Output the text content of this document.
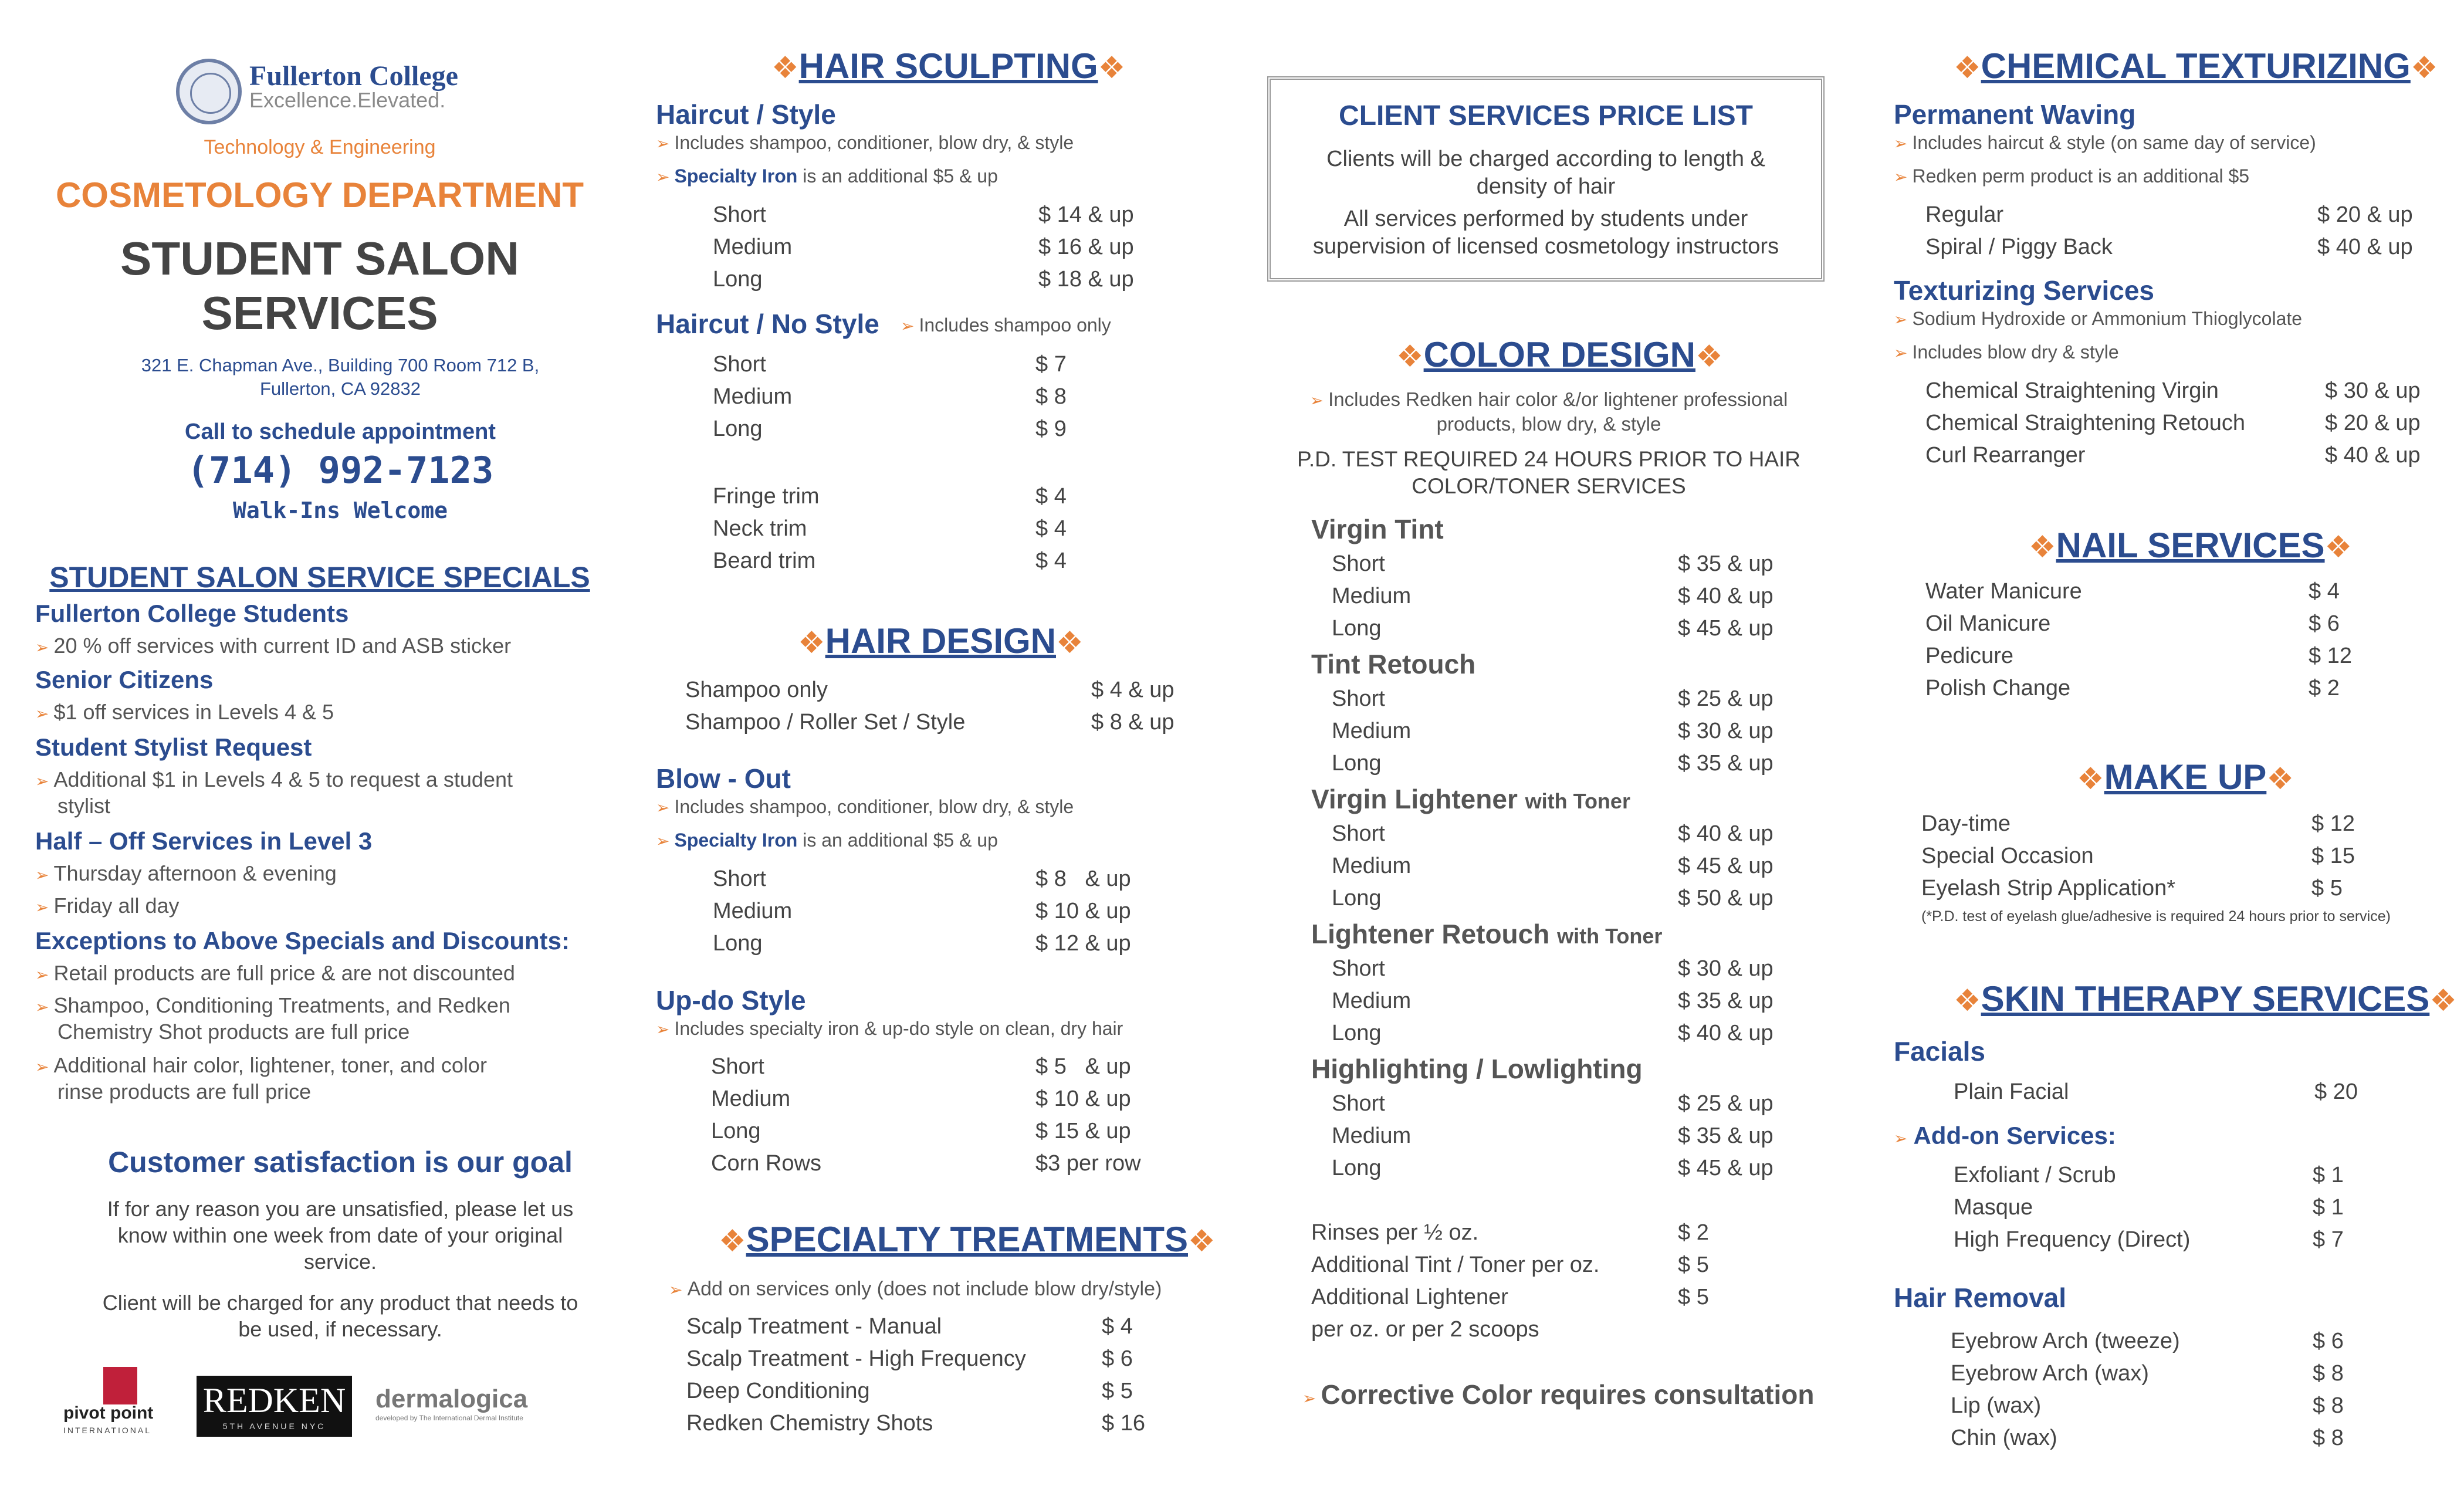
Fullerton College
Excellence.Elevated.
Technology & Engineering
COSMETOLOGY DEPARTMENT
STUDENT SALON
SERVICES
321 E. Chapman Ave., Building 700 Room 712 B,
Fullerton, CA 92832
Call to schedule appointment
(714) 992-7123
Walk-Ins Welcome
STUDENT SALON SERVICE SPECIALS
Fullerton College Students
➢ 20 % off services with current ID and ASB sticker
Senior Citizens
➢ $1 off services in Levels 4 & 5
Student Stylist Request
➢ Additional $1 in Levels 4 & 5 to request a student
stylist
Half – Off Services in Level 3
➢ Thursday afternoon & evening
➢ Friday all day
Exceptions to Above Specials and Discounts:
➢ Retail products are full price & are not discounted
➢ Shampoo, Conditioning Treatments, and Redken
Chemistry Shot products are full price
➢ Additional hair color, lightener, toner, and color
rinse products are full price
Customer satisfaction is our goal
If for any reason you are unsatisfied, please let us
know within one week from date of your original
service.
Client will be charged for any product that needs to
be used, if necessary.
pivot point
INTERNATIONAL
REDKEN
5TH AVENUE NYC
dermalogica
developed by The International Dermal Institute
❖HAIR SCULPTING❖
Haircut / Style
➢ Includes shampoo, conditioner, blow dry, & style
➢ Specialty Iron is an additional $5 & up
Short	$ 14 & up
Medium	$ 16 & up
Long	$ 18 & up
Haircut / No Style ➢ Includes shampoo only
Short	$ 7
Medium	$ 8
Long	$ 9
Fringe trim	$ 4
Neck trim	$ 4
Beard trim	$ 4
❖HAIR DESIGN❖
Shampoo only	$ 4 & up
Shampoo / Roller Set / Style	$ 8 & up
Blow - Out
➢ Includes shampoo, conditioner, blow dry, & style
➢ Specialty Iron is an additional $5 & up
Short	$ 8   & up
Medium	$ 10 & up
Long	$ 12 & up
Up-do Style
➢ Includes specialty iron & up-do style on clean, dry hair
Short	$ 5   & up
Medium	$ 10 & up
Long	$ 15 & up
Corn Rows	$3 per row
❖SPECIALTY TREATMENTS❖
➢ Add on services only (does not include blow dry/style)
Scalp Treatment - Manual	$ 4
Scalp Treatment - High Frequency	$ 6
Deep Conditioning	$ 5
Redken Chemistry Shots	$ 16
CLIENT SERVICES PRICE LIST
Clients will be charged according to length &
density of hair
All services performed by students under
supervision of licensed cosmetology instructors
❖COLOR DESIGN❖
➢ Includes Redken hair color &/or lightener professional
products, blow dry, & style
P.D. TEST REQUIRED 24 HOURS PRIOR TO HAIR
COLOR/TONER SERVICES
Virgin Tint
Short	$ 35 & up
Medium	$ 40 & up
Long	$ 45 & up
Tint Retouch
Short	$ 25 & up
Medium	$ 30 & up
Long	$ 35 & up
Virgin Lightener with Toner
Short	$ 40 & up
Medium	$ 45 & up
Long	$ 50 & up
Lightener Retouch with Toner
Short	$ 30 & up
Medium	$ 35 & up
Long	$ 40 & up
Highlighting / Lowlighting
Short	$ 25 & up
Medium	$ 35 & up
Long	$ 45 & up
Rinses per ½ oz.	$ 2
Additional Tint / Toner per oz.	$ 5
Additional Lightener	$ 5
per oz. or per 2 scoops
➢ Corrective Color requires consultation
❖CHEMICAL TEXTURIZING❖
Permanent Waving
➢ Includes haircut & style (on same day of service)
➢ Redken perm product is an additional $5
Regular	$ 20 & up
Spiral / Piggy Back	$ 40 & up
Texturizing Services
➢ Sodium Hydroxide or Ammonium Thioglycolate
➢ Includes blow dry & style
Chemical Straightening Virgin	$ 30 & up
Chemical Straightening Retouch	$ 20 & up
Curl Rearranger	$ 40 & up
❖NAIL SERVICES❖
Water Manicure	$ 4
Oil Manicure	$ 6
Pedicure	$ 12
Polish Change	$ 2
❖MAKE UP❖
Day-time	$ 12
Special Occasion	$ 15
Eyelash Strip Application*	$ 5
(*P.D. test of eyelash glue/adhesive is required 24 hours prior to service)
❖SKIN THERAPY SERVICES❖
Facials
Plain Facial	$ 20
➢ Add-on Services:
Exfoliant / Scrub	$ 1
Masque	$ 1
High Frequency (Direct)	$ 7
Hair Removal
Eyebrow Arch (tweeze)	$ 6
Eyebrow Arch (wax)	$ 8
Lip (wax)	$ 8
Chin (wax)	$ 8
